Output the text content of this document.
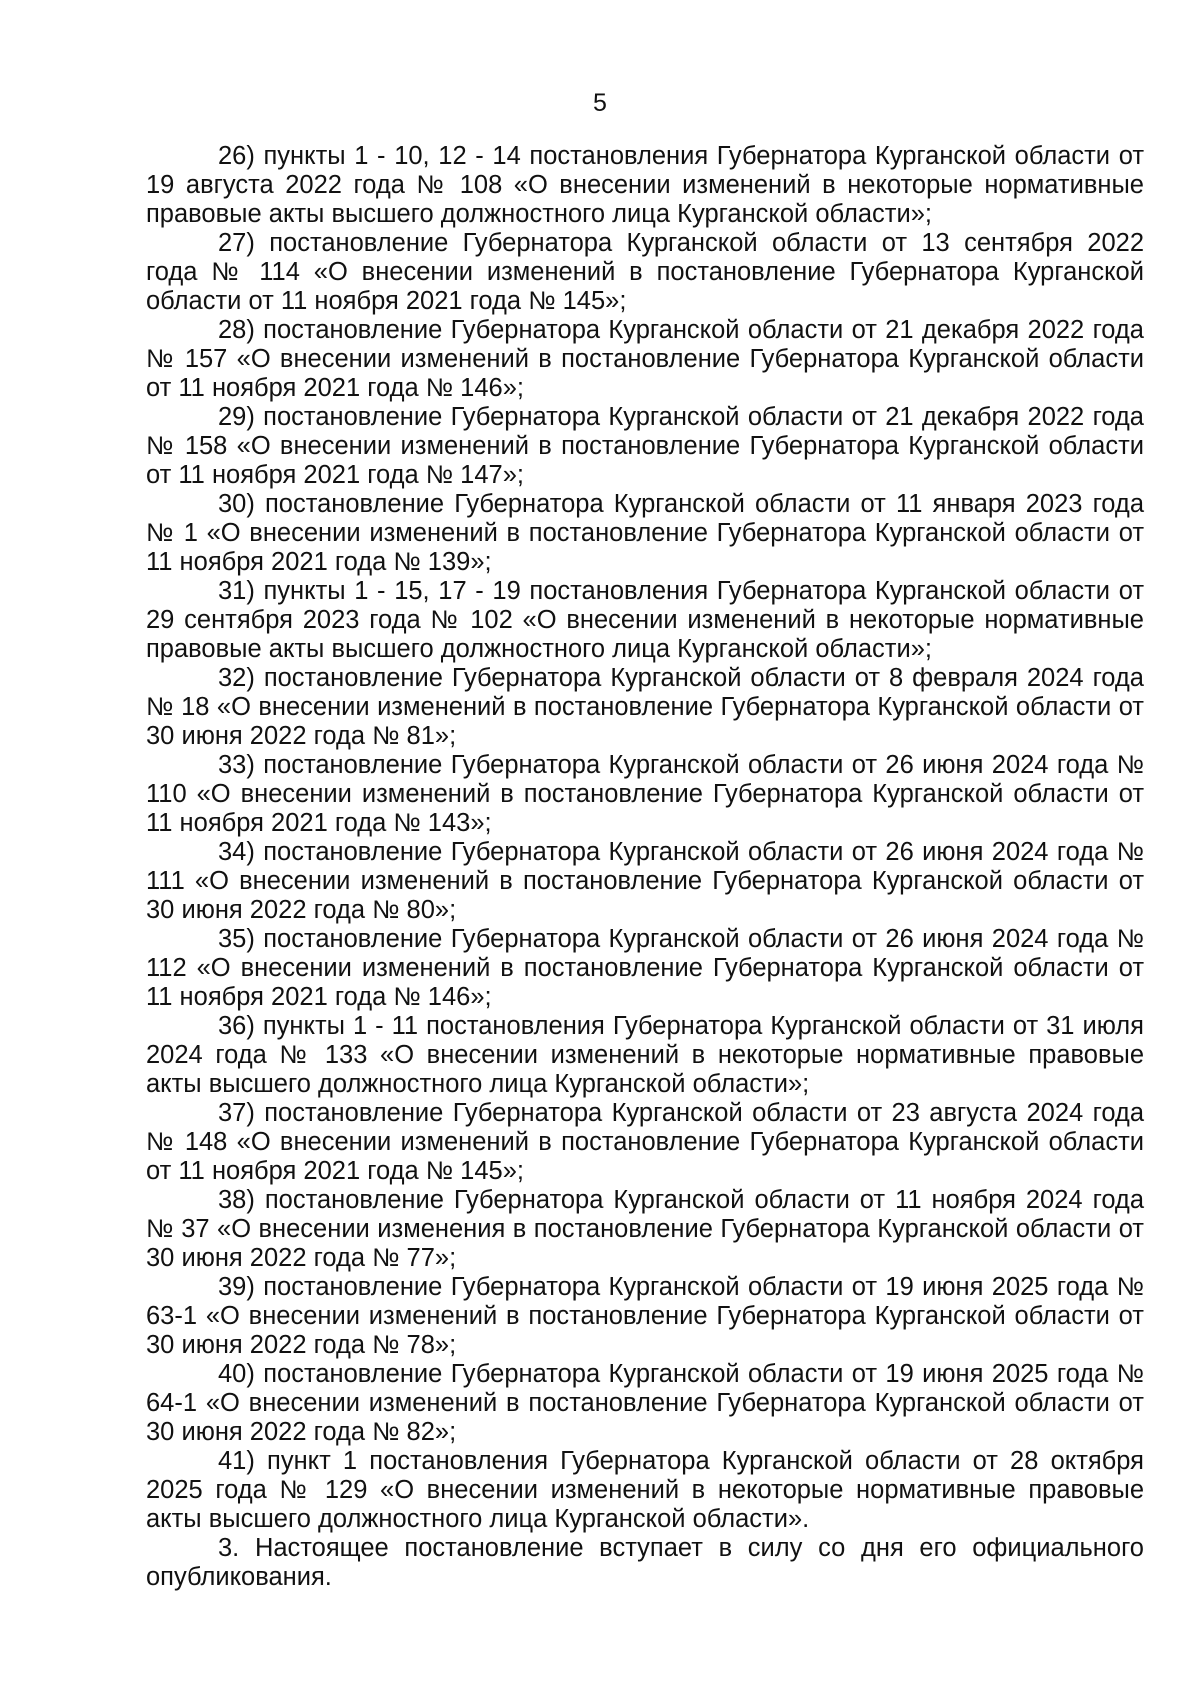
5

26) пункты 1 - 10, 12 - 14 постановления Губернатора Курганской области от 19 августа 2022 года № 108 «О внесении изменений в некоторые нормативные правовые акты высшего должностного лица Курганской области»;

27) постановление Губернатора Курганской области от 13 сентября 2022 года № 114 «О внесении изменений в постановление Губернатора Курганской области от 11 ноября 2021 года № 145»;

28) постановление Губернатора Курганской области от 21 декабря 2022 года № 157 «О внесении изменений в постановление Губернатора Курганской области от 11 ноября 2021 года № 146»;

29) постановление Губернатора Курганской области от 21 декабря 2022 года № 158 «О внесении изменений в постановление Губернатора Курганской области от 11 ноября 2021 года № 147»;

30) постановление Губернатора Курганской области от 11 января 2023 года № 1 «О внесении изменений в постановление Губернатора Курганской области от 11 ноября 2021 года № 139»;

31) пункты 1 - 15, 17 - 19 постановления Губернатора Курганской области от 29 сентября 2023 года № 102 «О внесении изменений в некоторые нормативные правовые акты высшего должностного лица Курганской области»;

32) постановление Губернатора Курганской области от 8 февраля 2024 года № 18 «О внесении изменений в постановление Губернатора Курганской области от 30 июня 2022 года № 81»;

33) постановление Губернатора Курганской области от 26 июня 2024 года № 110 «О внесении изменений в постановление Губернатора Курганской области от 11 ноября 2021 года № 143»;

34) постановление Губернатора Курганской области от 26 июня 2024 года № 111 «О внесении изменений в постановление Губернатора Курганской области от 30 июня 2022 года № 80»;

35) постановление Губернатора Курганской области от 26 июня 2024 года № 112 «О внесении изменений в постановление Губернатора Курганской области от 11 ноября 2021 года № 146»;

36) пункты 1 - 11 постановления Губернатора Курганской области от 31 июля 2024 года № 133 «О внесении изменений в некоторые нормативные правовые акты высшего должностного лица Курганской области»;

37) постановление Губернатора Курганской области от 23 августа 2024 года № 148 «О внесении изменений в постановление Губернатора Курганской области от 11 ноября 2021 года № 145»;

38) постановление Губернатора Курганской области от 11 ноября 2024 года № 37 «О внесении изменения в постановление Губернатора Курганской области от 30 июня 2022 года № 77»;

39) постановление Губернатора Курганской области от 19 июня 2025 года № 63-1 «О внесении изменений в постановление Губернатора Курганской области от 30 июня 2022 года № 78»;

40) постановление Губернатора Курганской области от 19 июня 2025 года № 64-1 «О внесении изменений в постановление Губернатора Курганской области от 30 июня 2022 года № 82»;

41) пункт 1 постановления Губернатора Курганской области от 28 октября 2025 года № 129 «О внесении изменений в некоторые нормативные правовые акты высшего должностного лица Курганской области».

3. Настоящее постановление вступает в силу со дня его официального опубликования.
